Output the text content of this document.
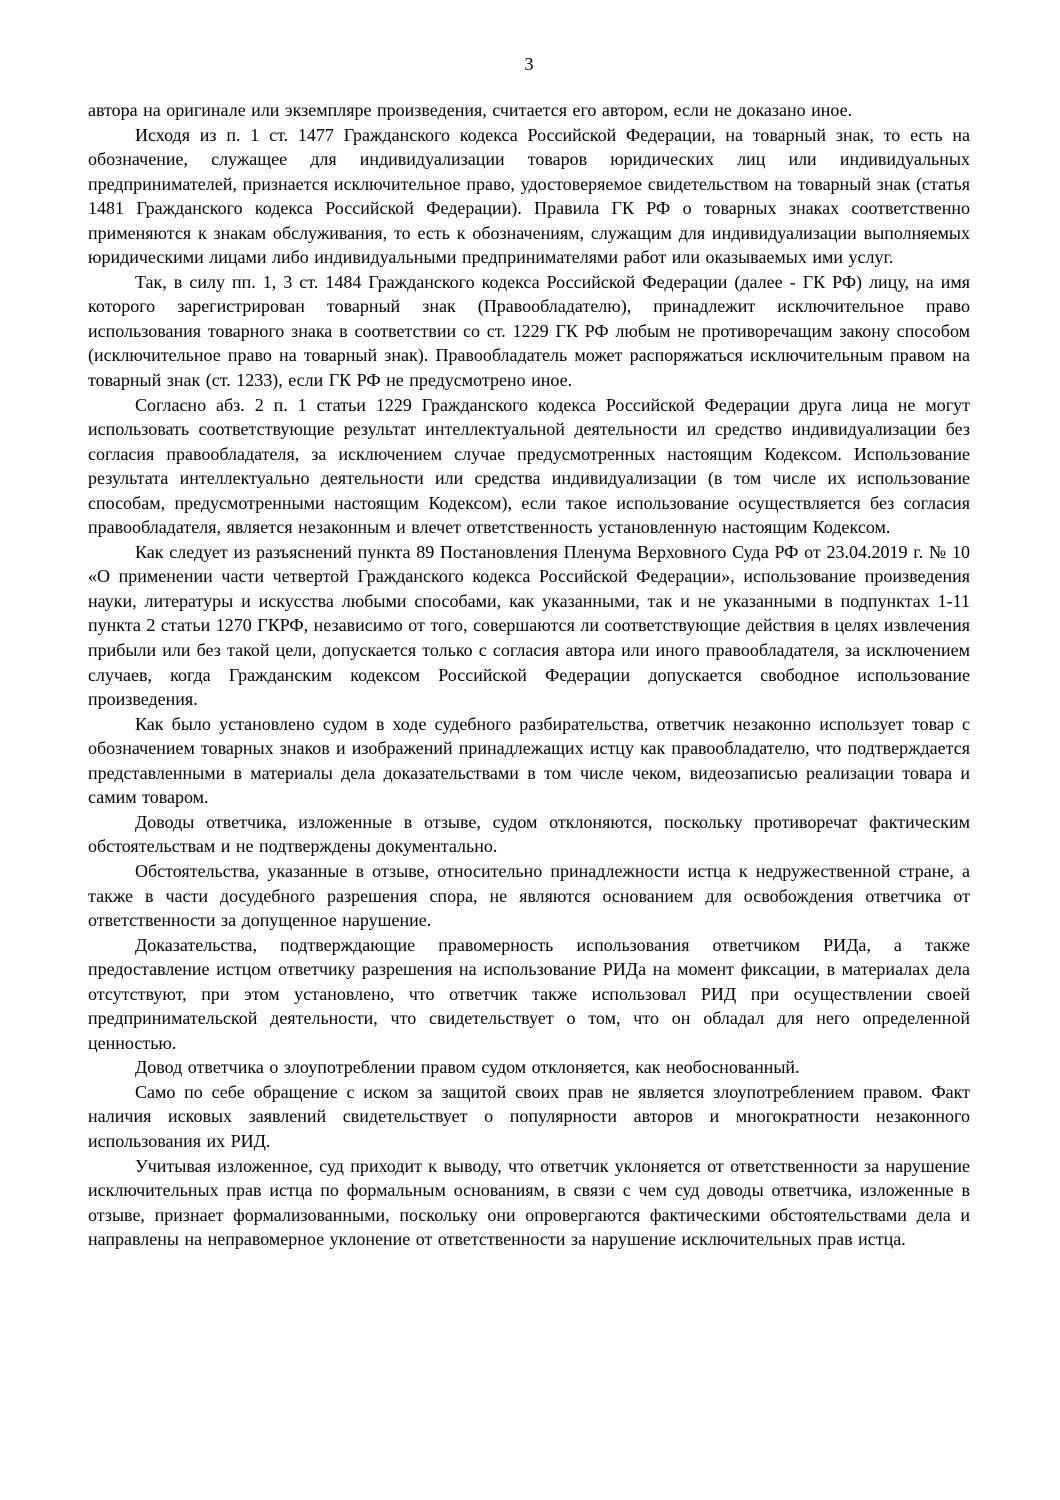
3

автора на оригинале или экземпляре произведения, считается его автором, если не доказано иное.

Исходя из п. 1 ст. 1477 Гражданского кодекса Российской Федерации, на товарный знак, то есть на обозначение, служащее для индивидуализации товаров юридических лиц или индивидуальных предпринимателей, признается исключительное право, удостоверяемое свидетельством на товарный знак (статья 1481 Гражданского кодекса Российской Федерации). Правила ГК РФ о товарных знаках соответственно применяются к знакам обслуживания, то есть к обозначениям, служащим для индивидуализации выполняемых юридическими лицами либо индивидуальными предпринимателями работ или оказываемых ими услуг.

Так, в силу пп. 1, 3 ст. 1484 Гражданского кодекса Российской Федерации (далее - ГК РФ) лицу, на имя которого зарегистрирован товарный знак (Правообладателю), принадлежит исключительное право использования товарного знака в соответствии со ст. 1229 ГК РФ любым не противоречащим закону способом (исключительное право на товарный знак). Правообладатель может распоряжаться исключительным правом на товарный знак (ст. 1233), если ГК РФ не предусмотрено иное.

Согласно абз. 2 п. 1 статьи 1229 Гражданского кодекса Российской Федерации друга лица не могут использовать соответствующие результат интеллектуальной деятельности ил средство индивидуализации без согласия правообладателя, за исключением случае предусмотренных настоящим Кодексом. Использование результата интеллектуально деятельности или средства индивидуализации (в том числе их использование способам, предусмотренными настоящим Кодексом), если такое использование осуществляется без согласия правообладателя, является незаконным и влечет ответственность установленную настоящим Кодексом.

Как следует из разъяснений пункта 89 Постановления Пленума Верховного Суда РФ от 23.04.2019 г. № 10 «О применении части четвертой Гражданского кодекса Российской Федерации», использование произведения науки, литературы и искусства любыми способами, как указанными, так и не указанными в подпунктах 1-11 пункта 2 статьи 1270 ГКРФ, независимо от того, совершаются ли соответствующие действия в целях извлечения прибыли или без такой цели, допускается только с согласия автора или иного правообладателя, за исключением случаев, когда Гражданским кодексом Российской Федерации допускается свободное использование произведения.

Как было установлено судом в ходе судебного разбирательства, ответчик незаконно использует товар с обозначением товарных знаков и изображений принадлежащих истцу как правообладателю, что подтверждается представленными в материалы дела доказательствами в том числе чеком, видеозаписью реализации товара и самим товаром.

Доводы ответчика, изложенные в отзыве, судом отклоняются, поскольку противоречат фактическим обстоятельствам и не подтверждены документально.

Обстоятельства, указанные в отзыве, относительно принадлежности истца к недружественной стране, а также в части досудебного разрешения спора, не являются основанием для освобождения ответчика от ответственности за допущенное нарушение.

Доказательства, подтверждающие правомерность использования ответчиком РИДа, а также предоставление истцом ответчику разрешения на использование РИДа на момент фиксации, в материалах дела отсутствуют, при этом установлено, что ответчик также использовал РИД при осуществлении своей предпринимательской деятельности, что свидетельствует о том, что он обладал для него определенной ценностью.

Довод ответчика о злоупотреблении правом судом отклоняется, как необоснованный.

Само по себе обращение с иском за защитой своих прав не является злоупотреблением правом. Факт наличия исковых заявлений свидетельствует о популярности авторов и многократности незаконного использования их РИД.

Учитывая изложенное, суд приходит к выводу, что ответчик уклоняется от ответственности за нарушение исключительных прав истца по формальным основаниям, в связи с чем суд доводы ответчика, изложенные в отзыве, признает формализованными, поскольку они опровергаются фактическими обстоятельствами дела и направлены на неправомерное уклонение от ответственности за нарушение исключительных прав истца.
